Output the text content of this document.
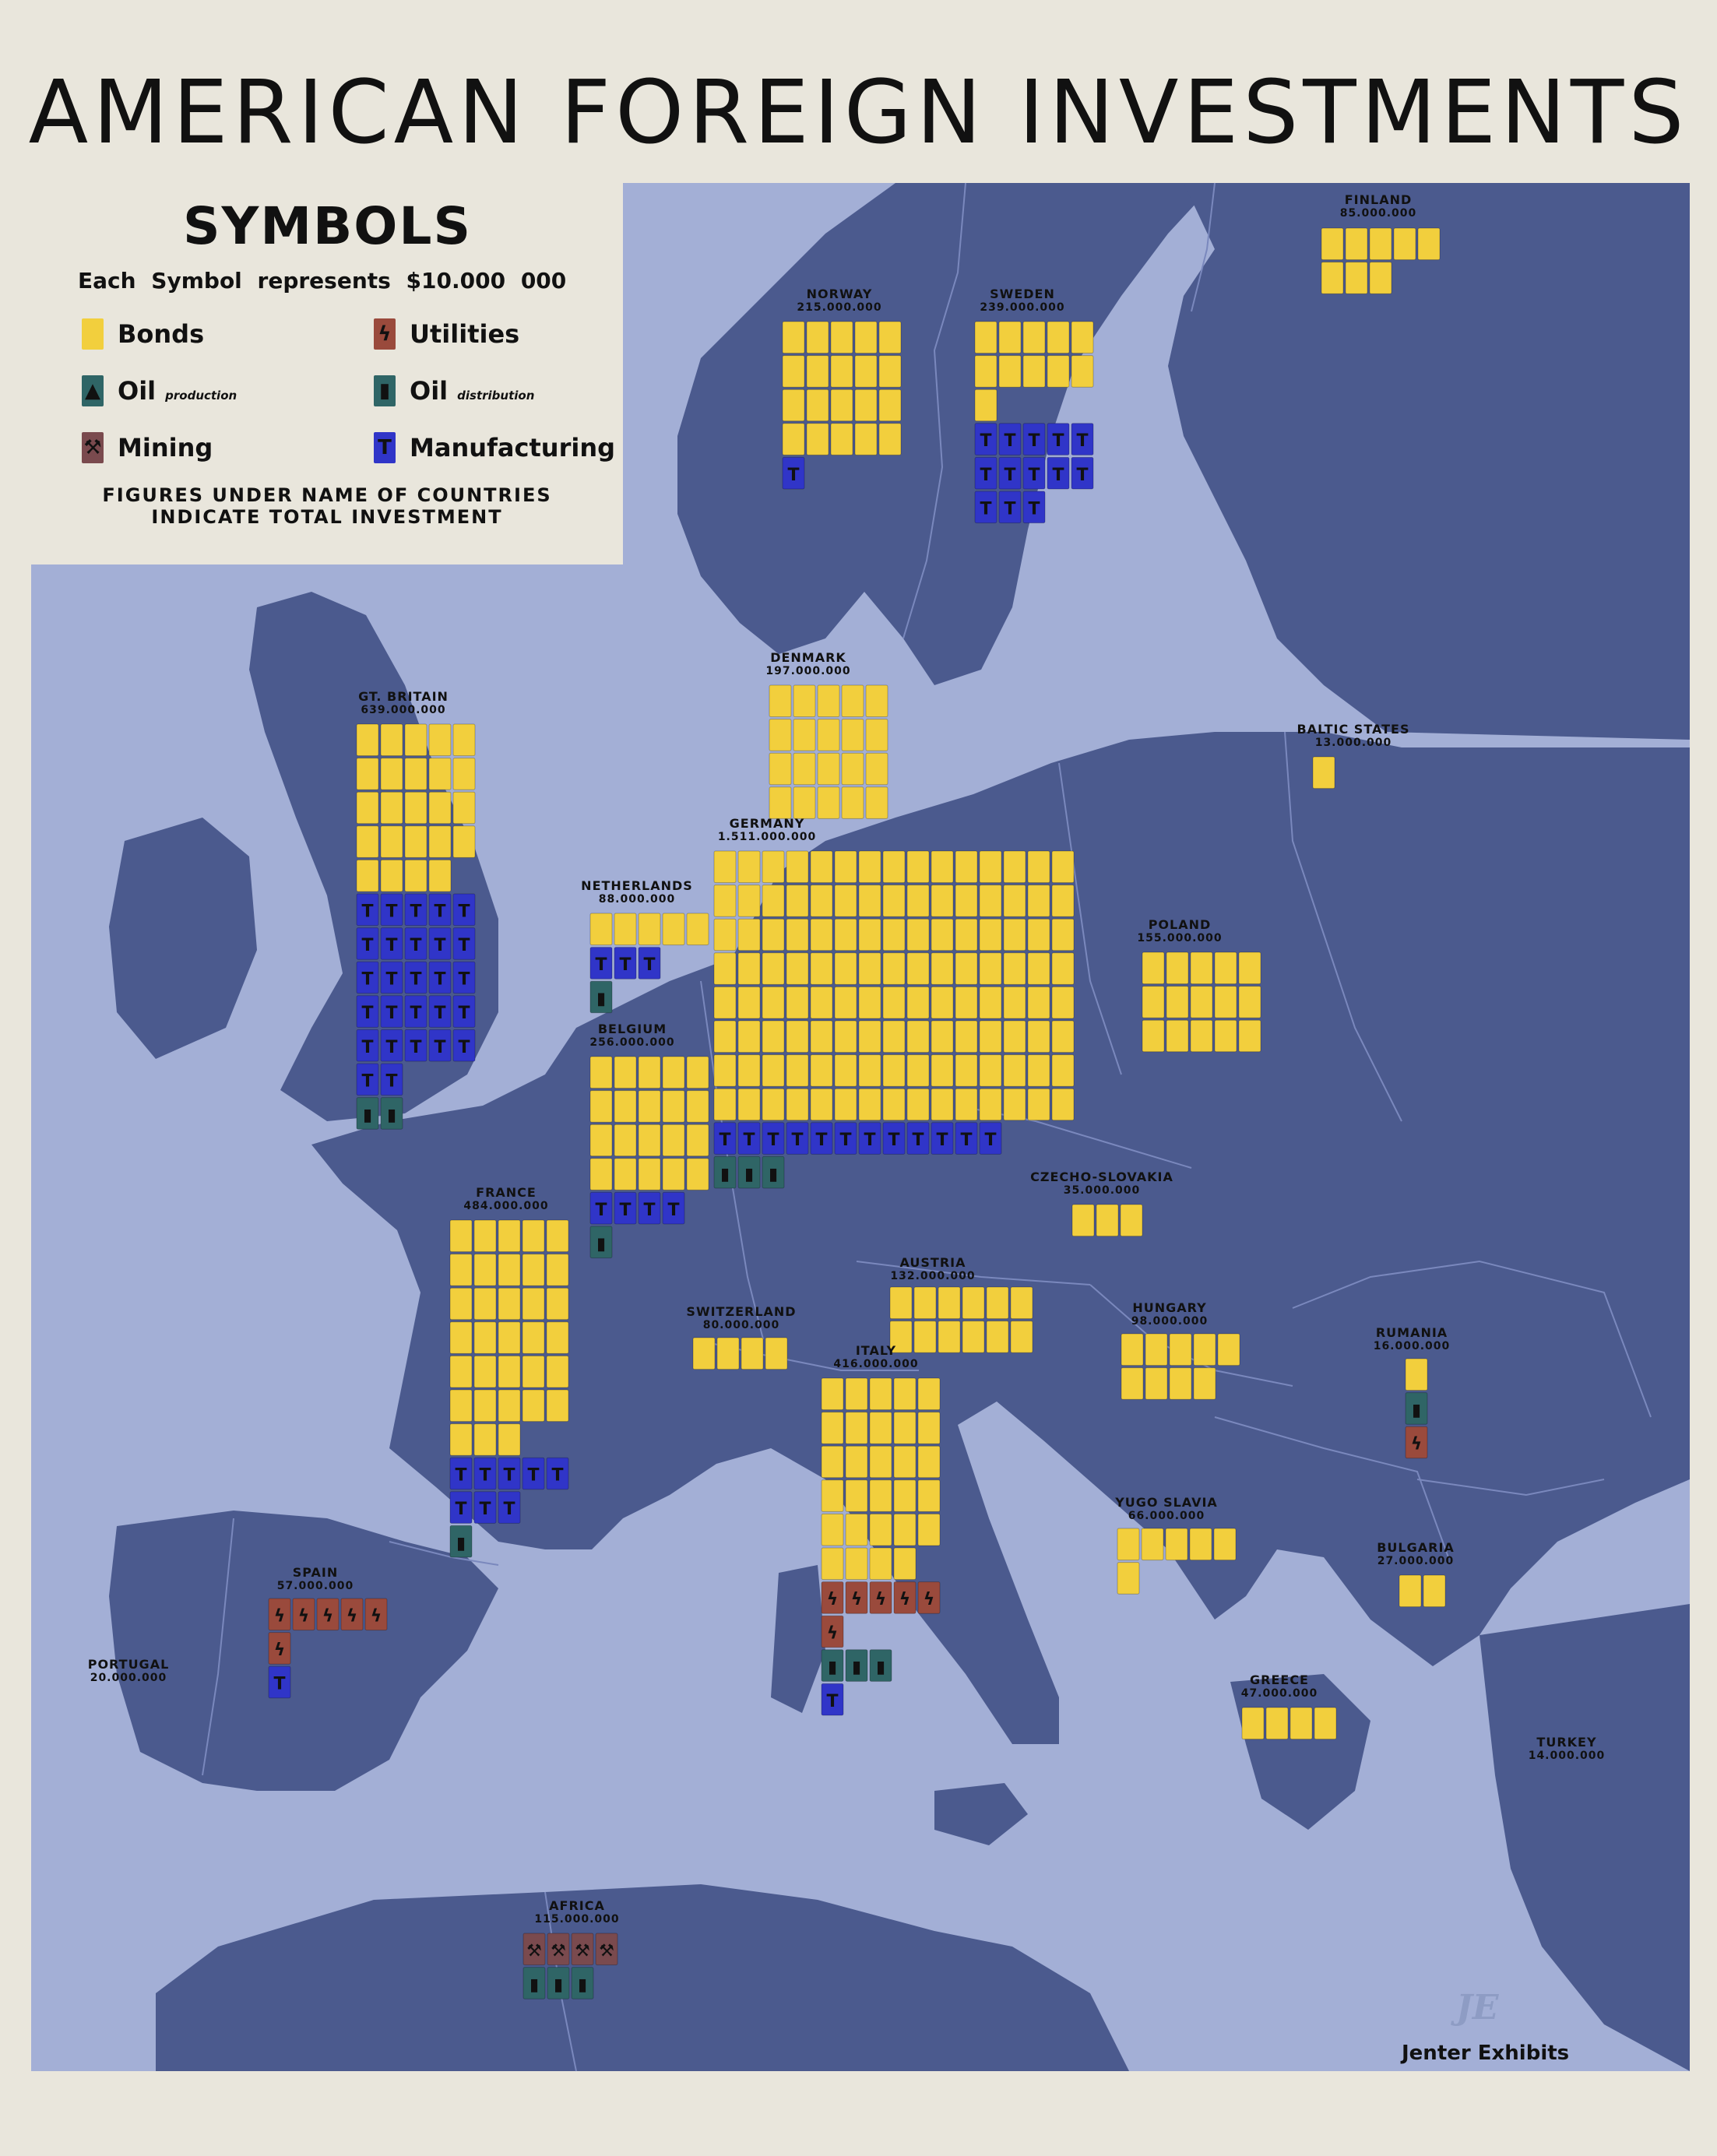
AMERICAN FOREIGN INVESTMENTS
T
T T T T T
T T T T T
T T T
T T T T T
T T T T T
T T T T T
T T T T T
T T T T T
T T
▮ ▮
T T T
▮
T T T T T T T T T T T T
▮ ▮ ▮
T T T T
▮
T T T T T
T T T
▮
ϟ ϟ ϟ ϟ ϟ
ϟ
▮ ▮ ▮
T
▮
ϟ
ϟ ϟ ϟ ϟ ϟ
ϟ
T
⚒ ⚒ ⚒ ⚒
▮ ▮ ▮
NORWAY
215.000.000
SWEDEN
239.000.000
FINLAND
85.000.000
DENMARK
197.000.000
GT. BRITAIN
639.000.000
BALTIC STATES
13.000.000
NETHERLANDS
88.000.000
GERMANY
1.511.000.000
POLAND
155.000.000
BELGIUM
256.000.000
CZECHO-SLOVAKIA
35.000.000
FRANCE
484.000.000
AUSTRIA
132.000.000
SWITZERLAND
80.000.000
ITALY
416.000.000
HUNGARY
98.000.000
RUMANIA
16.000.000
YUGO SLAVIA
66.000.000
BULGARIA
27.000.000
SPAIN
57.000.000
PORTUGAL
20.000.000	GREECE
47.000.000
TURKEY
14.000.000
AFRICA
115.000.000
SYMBOLS
Each Symbol represents $10.000 000
Bonds	ϟ Utilities
▲ Oil production	▮ Oil distribution
⚒ Mining	T Manufacturing
FIGURES UNDER NAME OF COUNTRIES
INDICATE TOTAL INVESTMENT
JE
Jenter Exhibits
